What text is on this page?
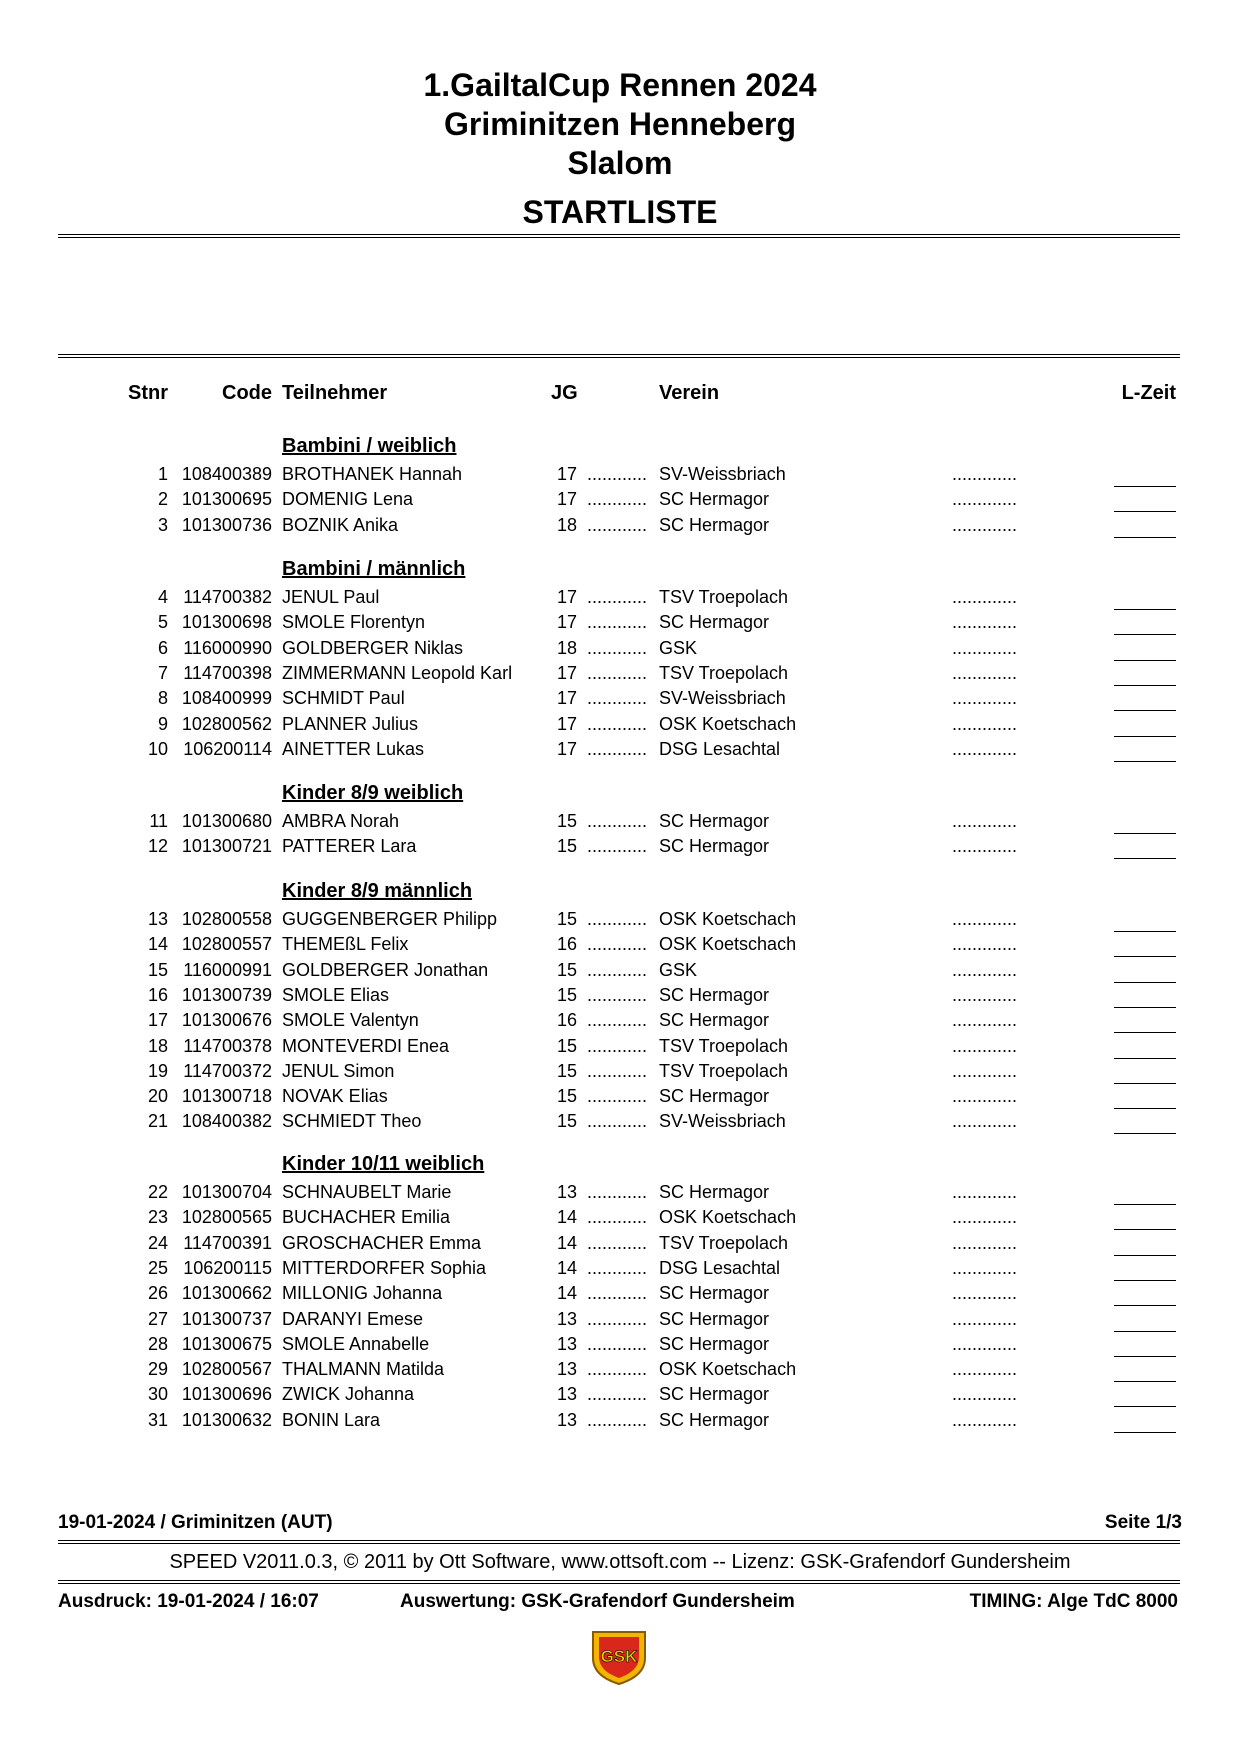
1.GailtalCup Rennen 2024
Griminitzen Henneberg
Slalom
STARTLISTE
Stnr	Code Teilnehmer	JG	Verein	L-Zeit
Bambini / weiblich
1 108400389 BROTHANEK Hannah	17 ............ SV-Weissbriach	.............
2 101300695 DOMENIG Lena	17 ............ SC Hermagor	.............
3 101300736 BOZNIK Anika	18 ............ SC Hermagor	.............
Bambini / männlich
4 114700382 JENUL Paul	17 ............ TSV Troepolach	.............
5 101300698 SMOLE Florentyn	17 ............ SC Hermagor	.............
6 116000990 GOLDBERGER Niklas	18 ............ GSK	.............
7 114700398 ZIMMERMANN Leopold Karl 17 ............ TSV Troepolach	.............
8 108400999 SCHMIDT Paul	17 ............ SV-Weissbriach	.............
9 102800562 PLANNER Julius	17 ............ OSK Koetschach	.............
10 106200114 AINETTER Lukas	17 ............ DSG Lesachtal	.............
Kinder 8/9 weiblich
11 101300680 AMBRA Norah	15 ............ SC Hermagor	.............
12 101300721 PATTERER Lara	15 ............ SC Hermagor	.............
Kinder 8/9 männlich
13 102800558 GUGGENBERGER Philipp	15 ............ OSK Koetschach	.............
14 102800557 THEMEßL Felix	16 ............ OSK Koetschach	.............
15 116000991 GOLDBERGER Jonathan	15 ............ GSK	.............
16 101300739 SMOLE Elias	15 ............ SC Hermagor	.............
17 101300676 SMOLE Valentyn	16 ............ SC Hermagor	.............
18 114700378 MONTEVERDI Enea	15 ............ TSV Troepolach	.............
19 114700372 JENUL Simon	15 ............ TSV Troepolach	.............
20 101300718 NOVAK Elias	15 ............ SC Hermagor	.............
21 108400382 SCHMIEDT Theo	15 ............ SV-Weissbriach	.............
Kinder 10/11 weiblich
22 101300704 SCHNAUBELT Marie	13 ............ SC Hermagor	.............
23 102800565 BUCHACHER Emilia	14 ............ OSK Koetschach	.............
24 114700391 GROSCHACHER Emma	14 ............ TSV Troepolach	.............
25 106200115 MITTERDORFER Sophia	14 ............ DSG Lesachtal	.............
26 101300662 MILLONIG Johanna	14 ............ SC Hermagor	.............
27 101300737 DARANYI Emese	13 ............ SC Hermagor	.............
28 101300675 SMOLE Annabelle	13 ............ SC Hermagor	.............
29 102800567 THALMANN Matilda	13 ............ OSK Koetschach	.............
30 101300696 ZWICK Johanna	13 ............ SC Hermagor	.............
31 101300632 BONIN Lara	13 ............ SC Hermagor	.............
19-01-2024 / Griminitzen (AUT)	Seite 1/3
SPEED V2011.0.3, © 2011 by Ott Software, www.ottsoft.com -- Lizenz: GSK-Grafendorf Gundersheim
Ausdruck: 19-01-2024 / 16:07	Auswertung: GSK-Grafendorf Gundersheim	TIMING: Alge TdC 8000
GSK
